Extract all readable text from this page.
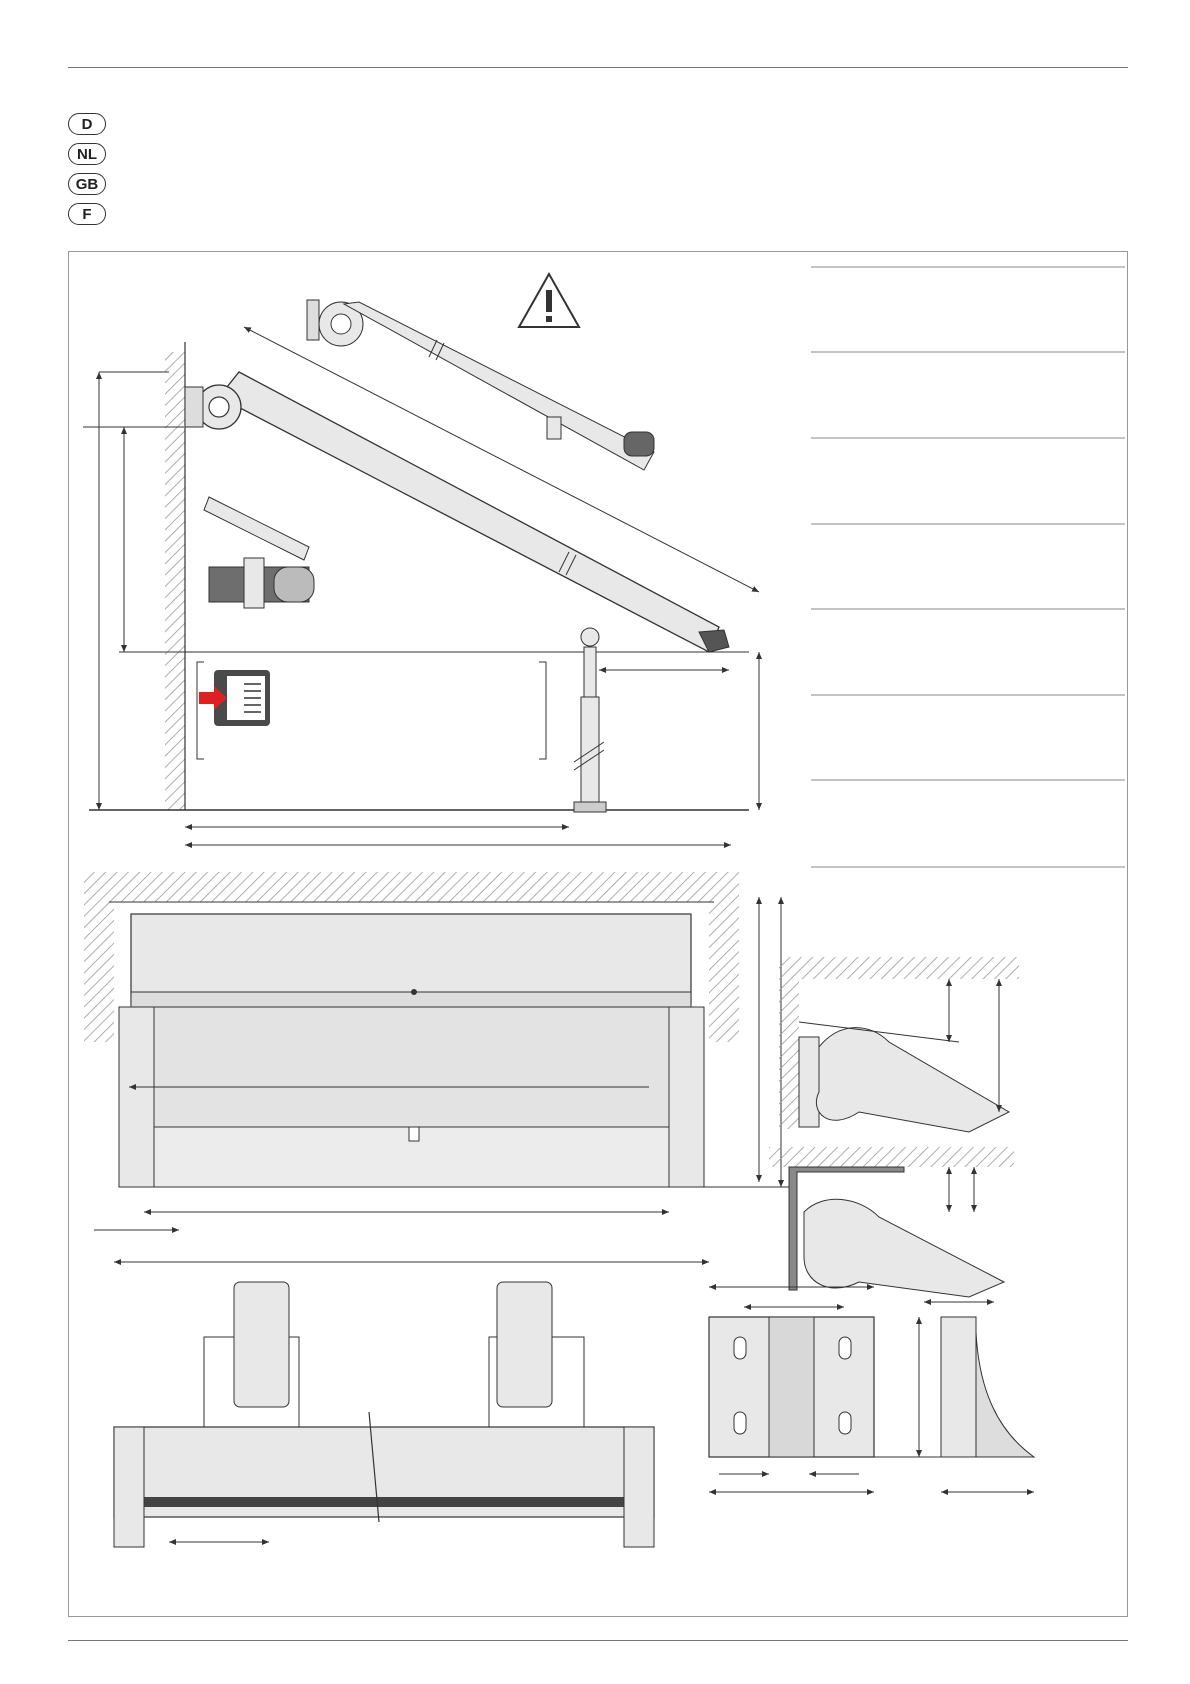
D
NL
GB
F
